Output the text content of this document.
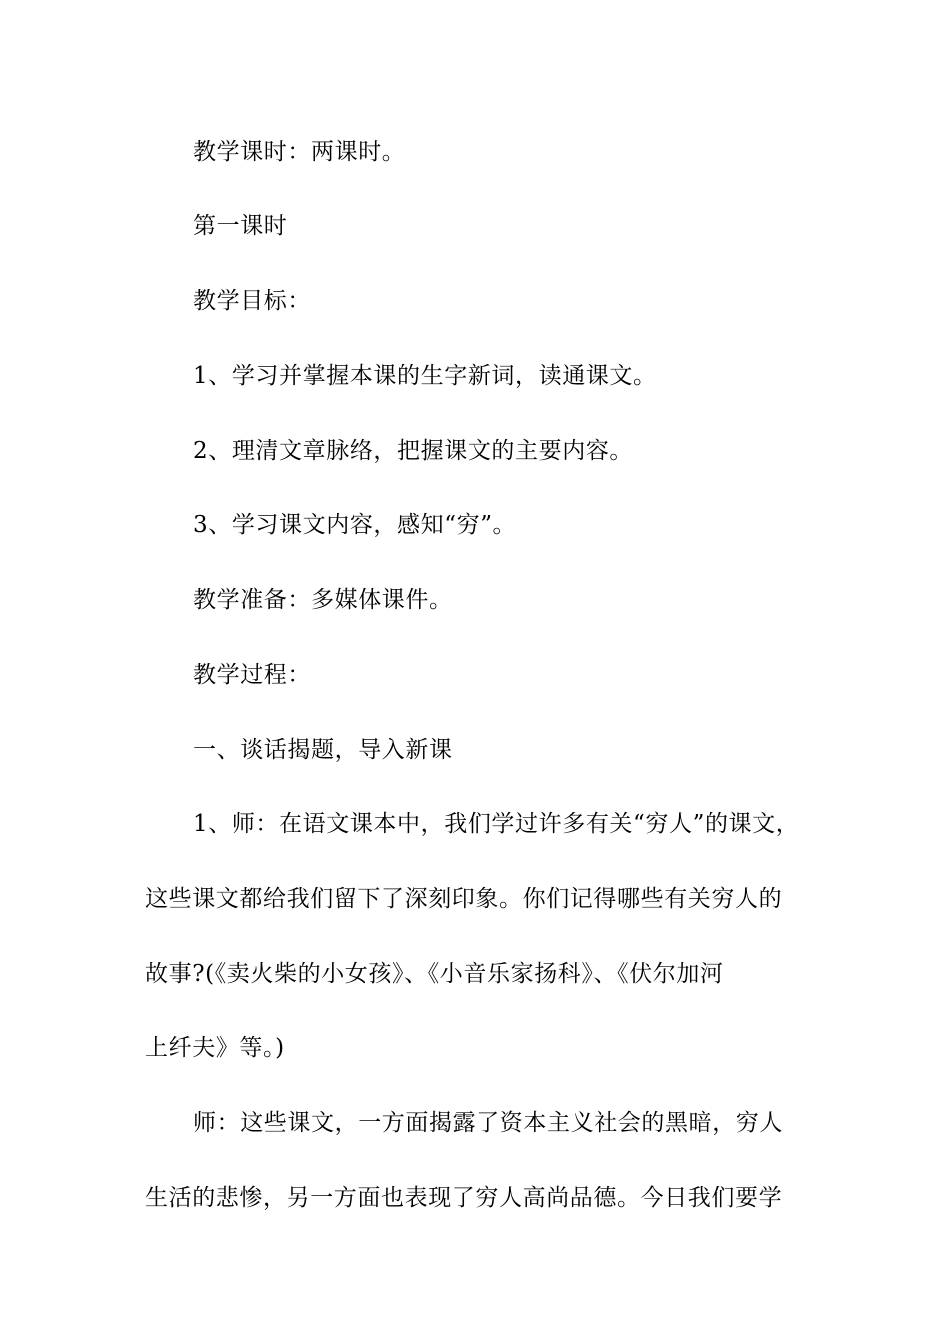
教学课时：两课时。
第一课时
教学目标：
1、学习并掌握本课的生字新词，读通课文。
2、理清文章脉络，把握课文的主要内容。
3、学习课文内容，感知“穷”。
教学准备：多媒体课件。
教学过程：
一、谈话揭题，导入新课
1、师：在语文课本中，我们学过许多有关“穷人”的课文，
这些课文都给我们留下了深刻印象。你们记得哪些有关穷人的
故事?(《卖火柴的小女孩》、《小音乐家扬科》、《伏尔加河
上纤夫》等。)
师：这些课文，一方面揭露了资本主义社会的黑暗，穷人
生活的悲惨，另一方面也表现了穷人高尚品德。今日我们要学
